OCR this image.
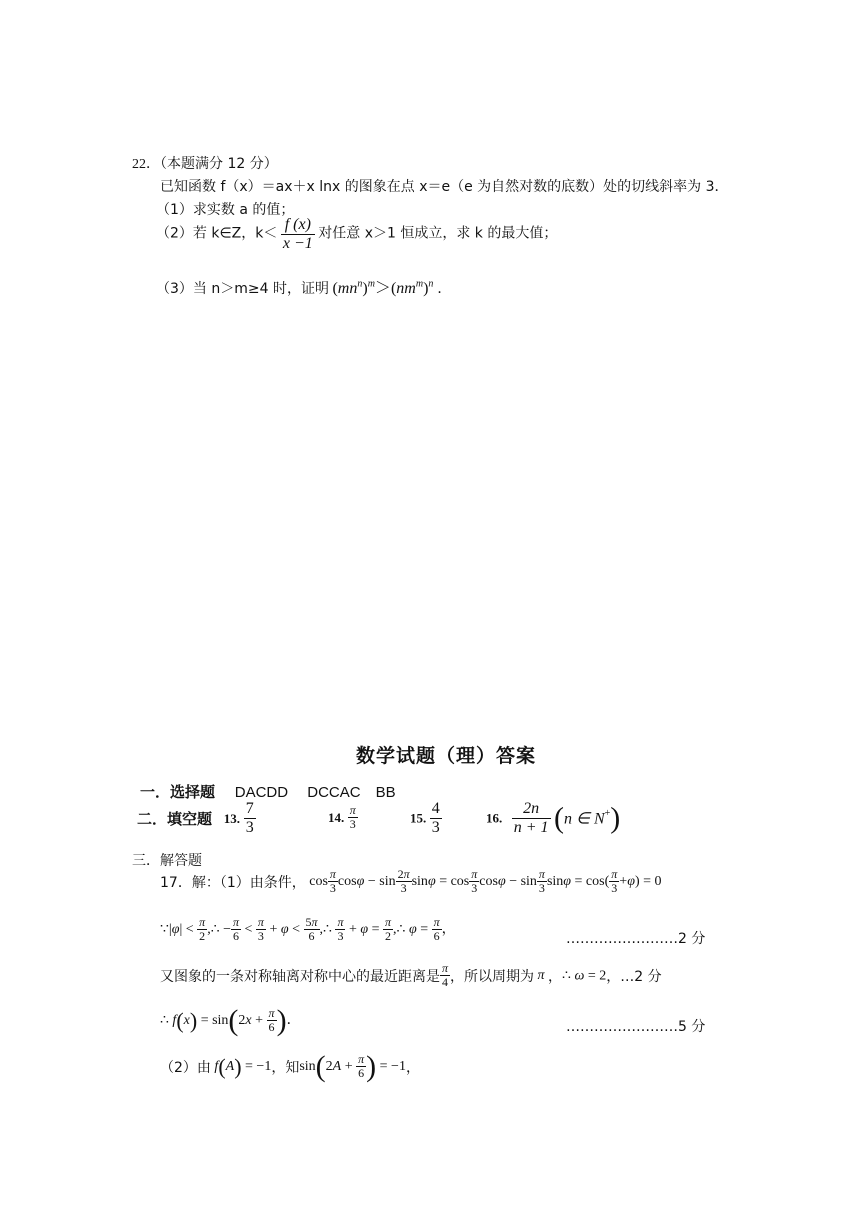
22．（本题满分 12 分）
已知函数 f（x）＝ax＋x lnx 的图象在点 x＝e（e 为自然对数的底数）处的切线斜率为 3．
（1）求实数 a 的值；
（2）若 k∈Z，$k< \frac{f (x)}{x -1}$ 对任意 x＞1 恒成立，求 k 的最大值；
（3）当 n＞m≥4 时，证明 $(mn^n)^m>(nm^m)^n$ ．
数学试题（理）答案
一．选择题 DACDD　 DCCAC　BB
二．填空题 13. $\frac{7}{3}$	14. $\frac{\pi}{3}$	15. $\frac{4}{3}$	16. $\frac{2n}{n + 1} (n$ ∈ N+)
三．解答题
17．解：（1）由条件， $\cos \frac{\pi}{3}$ $\cos\varphi - \sin \frac{2\pi}{3}$ $\sin\varphi = \cos \frac{\pi}{3}$ $\cos\varphi - \sin \frac{\pi}{3}$ $\sin\varphi = \cos( \frac{\pi}{3} +\varphi) = 0$
∵|φ| < $\frac{\pi}{2}$ ,∴ − $\frac{\pi}{6} < \frac{\pi}{3} + \varphi < \frac{5\pi}{6}$ ,∴ $\frac{\pi}{3} + \varphi = \frac{\pi}{2}$ ,∴ $\varphi = \frac{\pi}{6}$ ，
……………………2 分
又图象的一条对称轴离对称中心的最近距离是 $\frac{\pi}{4}$ ，所以周期为 π ，∴ ω = 2，…2 分
∴ $f(x) = \sin(2x + \frac{\pi}{6}$ )．	……………………5 分
（2）由 f(A) = −1，知$\sin(2A + \frac{\pi}{6}$ ) = −1，
